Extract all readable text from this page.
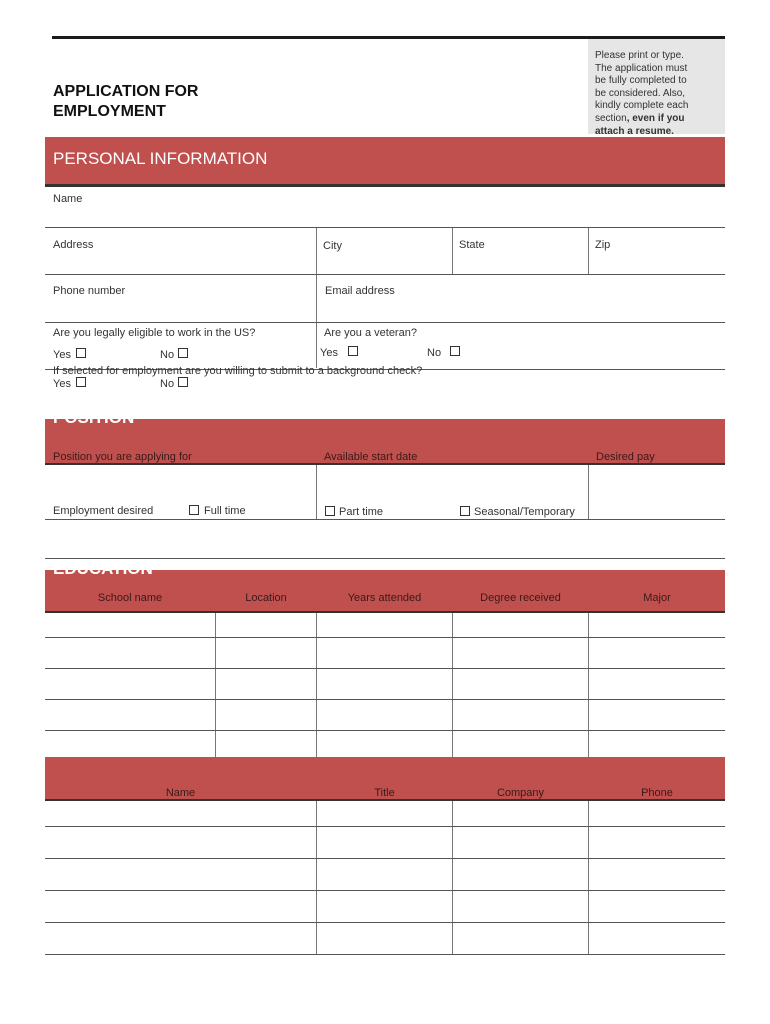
APPLICATION FOR
EMPLOYMENT
Please print or type.
The application must
be fully completed to
be considered. Also,
kindly complete each
section, even if you
attach a resume.
PERSONAL INFORMATION
Name
Address	City	State	Zip
Phone number	Email address
Are you legally eligible to work in the US?	Are you a veteran?
Yes	No	Yes	No
If selected for employment are you willing to submit to a background check?
Yes	No
POSITION
Position you are applying for	Available start date	Desired pay
Employment desired	Full time	Part time	Seasonal/Temporary
EDUCATION
School name	Location	Years attended	Degree received	Major
Name	Title	Company	Phone
